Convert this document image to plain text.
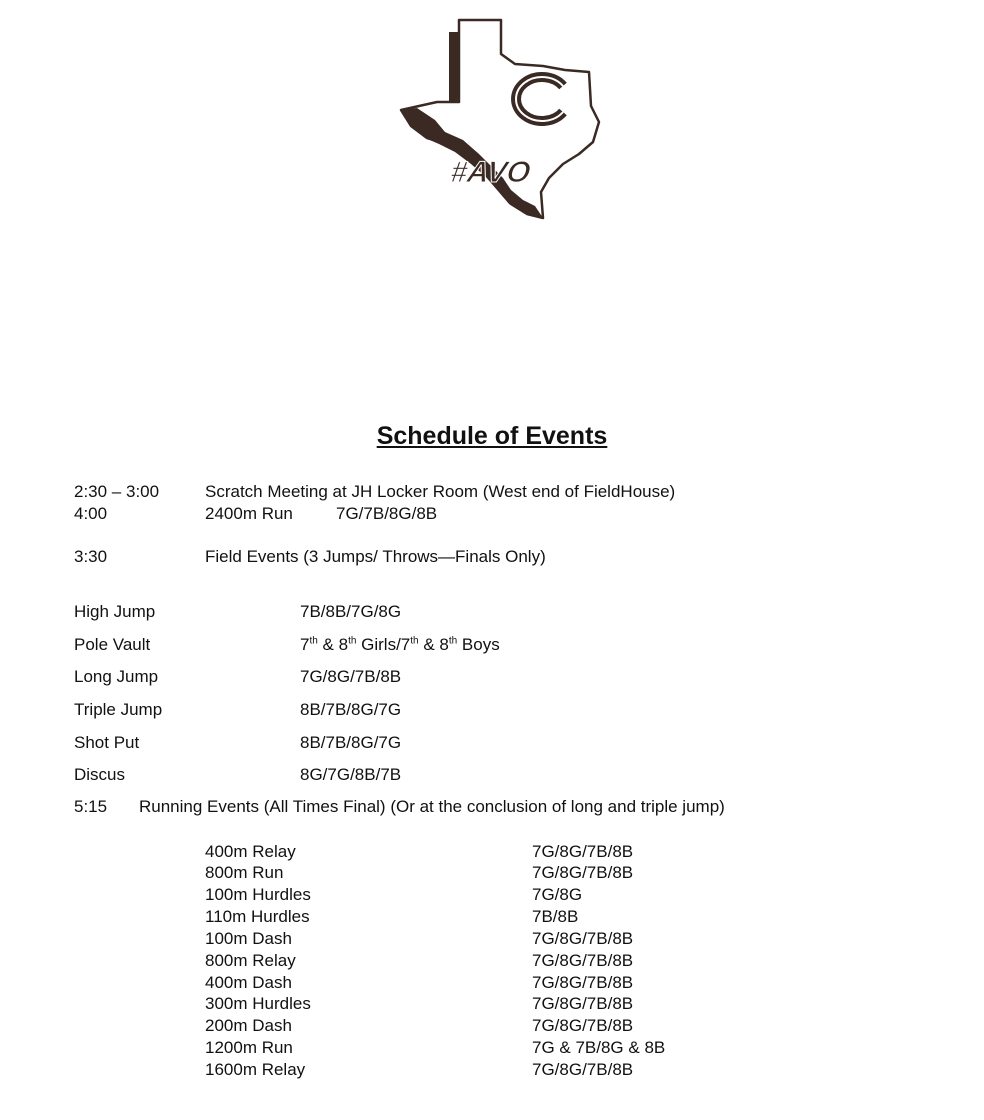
#AVO
Schedule of Events
2:30 – 3:00	Scratch Meeting at JH Locker Room (West end of FieldHouse)
4:00	2400m Run	7G/7B/8G/8B
3:30	Field Events (3 Jumps/ Throws—Finals Only)
High Jump	7B/8B/7G/8G
Pole Vault	7th & 8th Girls/7th & 8th Boys
Long Jump	7G/8G/7B/8B
Triple Jump	8B/7B/8G/7G
Shot Put	8B/7B/8G/7G
Discus	8G/7G/8B/7B
5:15 Running Events (All Times Final) (Or at the conclusion of long and triple jump)
400m Relay	7G/8G/7B/8B
800m Run	7G/8G/7B/8B
100m Hurdles	7G/8G
110m Hurdles	7B/8B
100m Dash	7G/8G/7B/8B
800m Relay	7G/8G/7B/8B
400m Dash	7G/8G/7B/8B
300m Hurdles	7G/8G/7B/8B
200m Dash	7G/8G/7B/8B
1200m Run	7G & 7B/8G & 8B
1600m Relay	7G/8G/7B/8B
